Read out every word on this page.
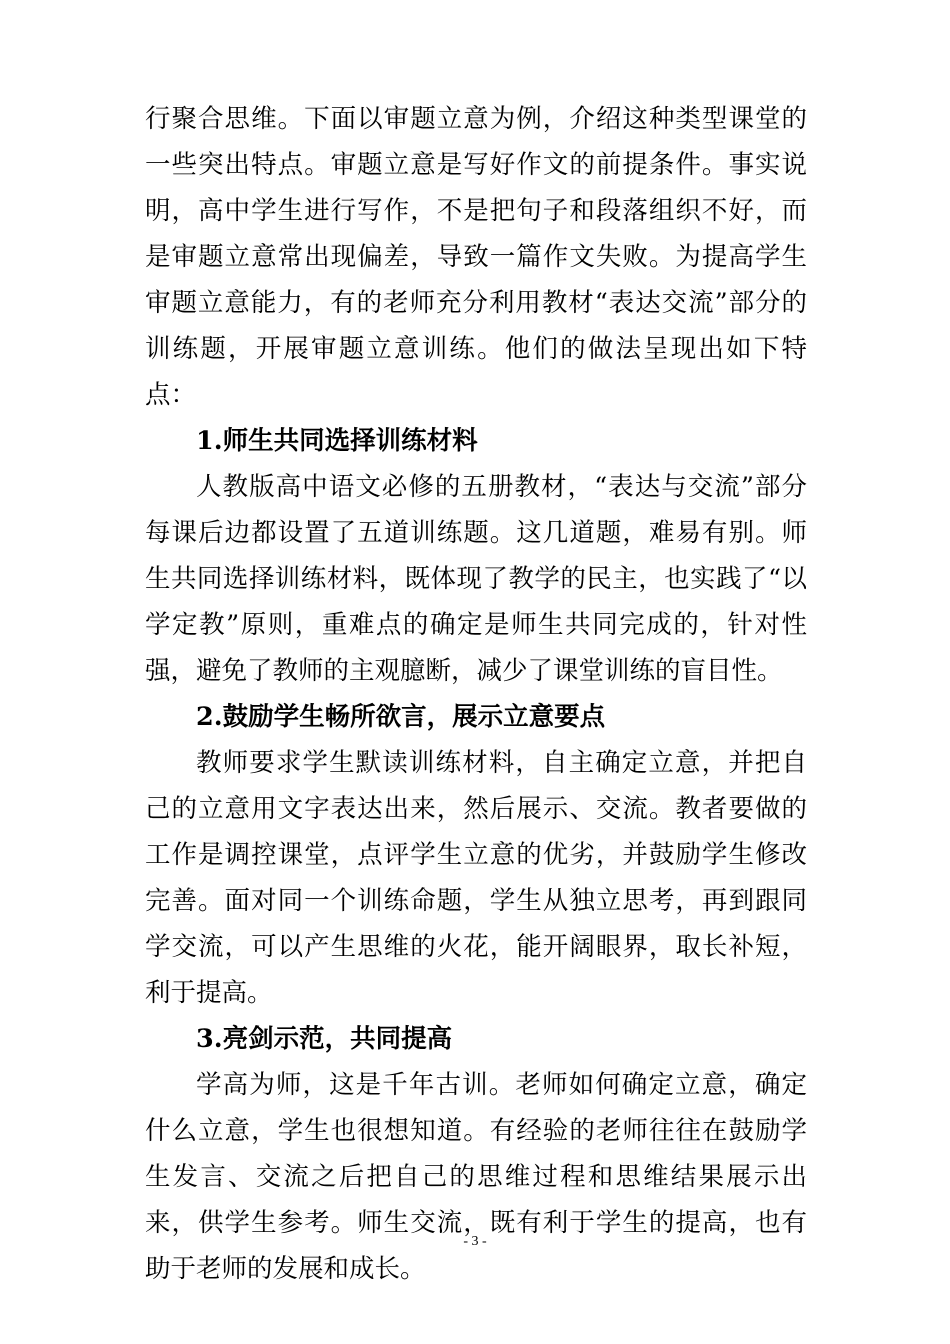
行聚合思维。下面以审题立意为例，介绍这种类型课堂的一些突出特点。审题立意是写好作文的前提条件。事实说明，高中学生进行写作，不是把句子和段落组织不好，而是审题立意常出现偏差，导致一篇作文失败。为提高学生审题立意能力，有的老师充分利用教材“表达交流”部分的训练题，开展审题立意训练。他们的做法呈现出如下特点：

1.师生共同选择训练材料

人教版高中语文必修的五册教材，“表达与交流”部分每课后边都设置了五道训练题。这几道题，难易有别。师生共同选择训练材料，既体现了教学的民主，也实践了“以学定教”原则，重难点的确定是师生共同完成的，针对性强，避免了教师的主观臆断，减少了课堂训练的盲目性。

2.鼓励学生畅所欲言，展示立意要点

教师要求学生默读训练材料，自主确定立意，并把自己的立意用文字表达出来，然后展示、交流。教者要做的工作是调控课堂，点评学生立意的优劣，并鼓励学生修改完善。面对同一个训练命题，学生从独立思考，再到跟同学交流，可以产生思维的火花，能开阔眼界，取长补短，利于提高。

3.亮剑示范，共同提高

学高为师，这是千年古训。老师如何确定立意，确定什么立意，学生也很想知道。有经验的老师往往在鼓励学生发言、交流之后把自己的思维过程和思维结果展示出来，供学生参考。师生交流，既有利于学生的提高，也有助于老师的发展和成长。

- 3 -
